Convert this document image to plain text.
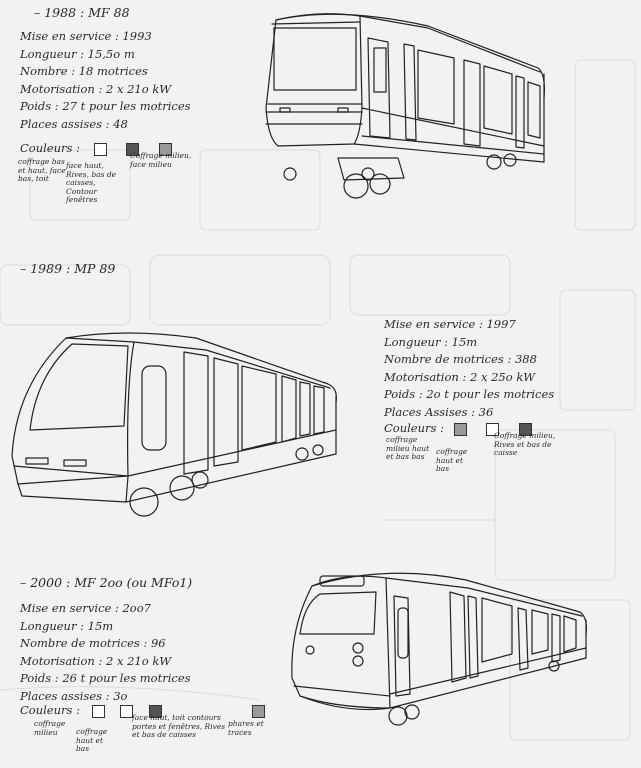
– 1988 : MF 88
Mise en service : 1993
Longueur : 15,5o m
Nombre : 18 motrices
Motorisation : 2 x 21o kW
Poids : 27 t pour les motrices
Places assises : 48
Couleurs :
coffrage bas et haut, face bas, toit
face haut, Rives, bas de caisses, Contour fenêtres
Coffrage milieu, face milieu
– 1989 : MP 89
Mise en service : 1997
Longueur : 15m
Nombre de motrices : 388
Motorisation : 2 x 25o kW
Poids : 2o t pour les motrices
Places Assises : 36
Couleurs :
coffrage milieu haut et bas bas
coffrage haut et bas
Coffrage milieu, Rives et bas de caisse
– 2000 : MF 2oo (ou MFo1)
Mise en service : 2oo7
Longueur : 15m
Nombre de motrices : 96
Motorisation : 2 x 21o kW
Poids : 26 t pour les motrices
Places assises : 3o
Couleurs :
coffrage milieu	coffrage haut et bas
face haut, toit contours portes et fenêtres, Rives et bas de caisses
phares et traces
